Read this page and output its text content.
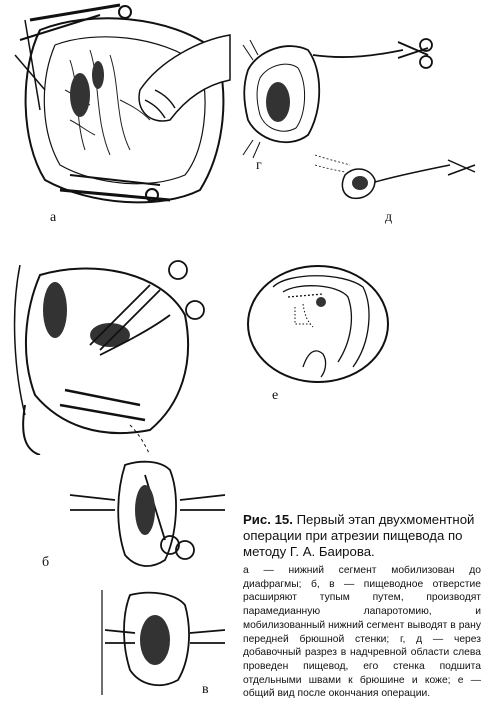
а
г
д
б
в
е

Рис. 15. Первый этап двухмоментной операции при атрезии пищевода по методу Г. А. Баирова.

а — нижний сегмент мобилизован до диафрагмы; б, в — пищеводное отверстие расширяют тупым путем, производят парамедианную лапаротомию, и мобилизованный нижний сегмент выводят в рану передней брюшной стенки; г, д — через добавочный разрез в надчревной области слева проведен пищевод, его стенка подшита отдельными швами к брюшине и коже; е — общий вид после окончания операции.
